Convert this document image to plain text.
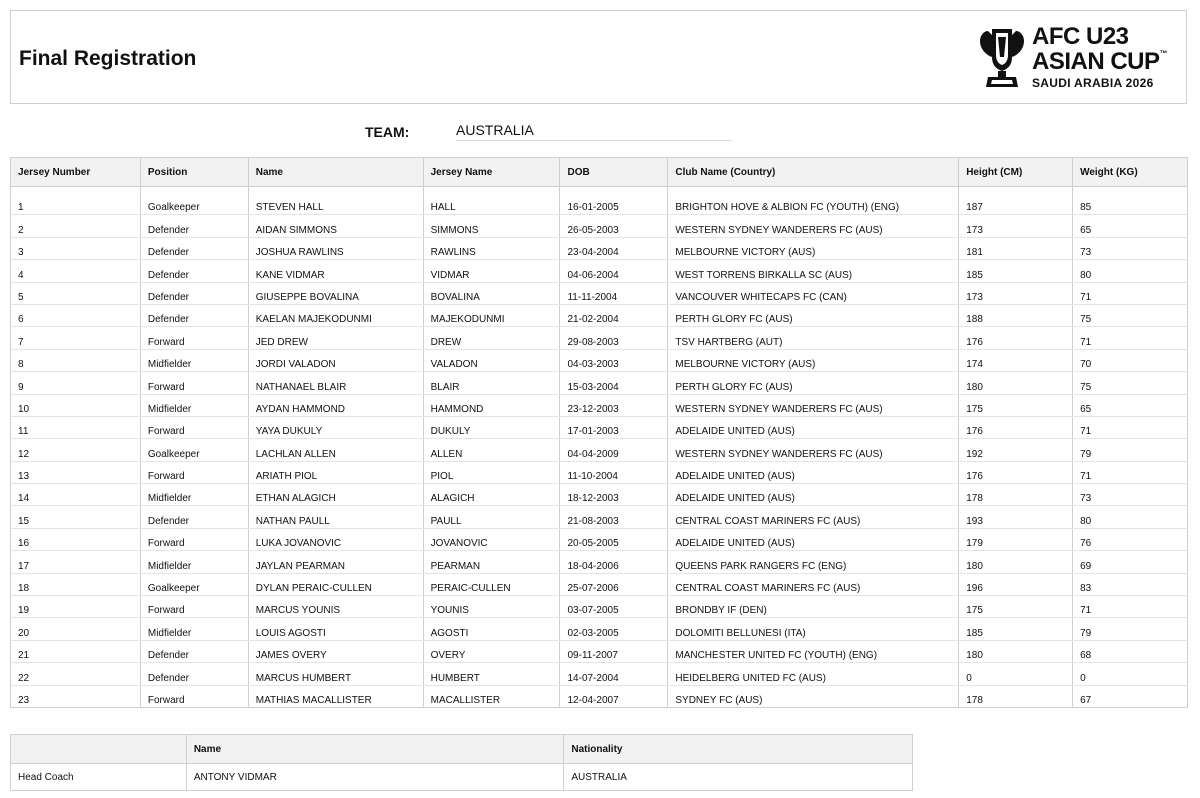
Final Registration
AFC U23
ASIAN CUP™
SAUDI ARABIA 2026
TEAM:	AUSTRALIA
Jersey Number	Position	Name	Jersey Name	DOB	Club Name (Country)	Height (CM)	Weight (KG)
1	Goalkeeper	STEVEN HALL	HALL	16-01-2005	BRIGHTON HOVE & ALBION FC (YOUTH) (ENG)	187	85
2	Defender	AIDAN SIMMONS	SIMMONS	26-05-2003	WESTERN SYDNEY WANDERERS FC (AUS)	173	65
3	Defender	JOSHUA RAWLINS	RAWLINS	23-04-2004	MELBOURNE VICTORY (AUS)	181	73
4	Defender	KANE VIDMAR	VIDMAR	04-06-2004	WEST TORRENS BIRKALLA SC (AUS)	185	80
5	Defender	GIUSEPPE BOVALINA	BOVALINA	11-11-2004	VANCOUVER WHITECAPS FC (CAN)	173	71
6	Defender	KAELAN MAJEKODUNMI	MAJEKODUNMI	21-02-2004	PERTH GLORY FC (AUS)	188	75
7	Forward	JED DREW	DREW	29-08-2003	TSV HARTBERG (AUT)	176	71
8	Midfielder	JORDI VALADON	VALADON	04-03-2003	MELBOURNE VICTORY (AUS)	174	70
9	Forward	NATHANAEL BLAIR	BLAIR	15-03-2004	PERTH GLORY FC (AUS)	180	75
10	Midfielder	AYDAN HAMMOND	HAMMOND	23-12-2003	WESTERN SYDNEY WANDERERS FC (AUS)	175	65
11	Forward	YAYA DUKULY	DUKULY	17-01-2003	ADELAIDE UNITED (AUS)	176	71
12	Goalkeeper	LACHLAN ALLEN	ALLEN	04-04-2009	WESTERN SYDNEY WANDERERS FC (AUS)	192	79
13	Forward	ARIATH PIOL	PIOL	11-10-2004	ADELAIDE UNITED (AUS)	176	71
14	Midfielder	ETHAN ALAGICH	ALAGICH	18-12-2003	ADELAIDE UNITED (AUS)	178	73
15	Defender	NATHAN PAULL	PAULL	21-08-2003	CENTRAL COAST MARINERS FC (AUS)	193	80
16	Forward	LUKA JOVANOVIC	JOVANOVIC	20-05-2005	ADELAIDE UNITED (AUS)	179	76
17	Midfielder	JAYLAN PEARMAN	PEARMAN	18-04-2006	QUEENS PARK RANGERS FC (ENG)	180	69
18	Goalkeeper	DYLAN PERAIC-CULLEN	PERAIC-CULLEN	25-07-2006	CENTRAL COAST MARINERS FC (AUS)	196	83
19	Forward	MARCUS YOUNIS	YOUNIS	03-07-2005	BRONDBY IF (DEN)	175	71
20	Midfielder	LOUIS AGOSTI	AGOSTI	02-03-2005	DOLOMITI BELLUNESI (ITA)	185	79
21	Defender	JAMES OVERY	OVERY	09-11-2007	MANCHESTER UNITED FC (YOUTH) (ENG)	180	68
22	Defender	MARCUS HUMBERT	HUMBERT	14-07-2004	HEIDELBERG UNITED FC (AUS)	0	0
23	Forward	MATHIAS MACALLISTER	MACALLISTER	12-04-2007	SYDNEY FC (AUS)	178	67
	Name	Nationality
Head Coach	ANTONY VIDMAR	AUSTRALIA
